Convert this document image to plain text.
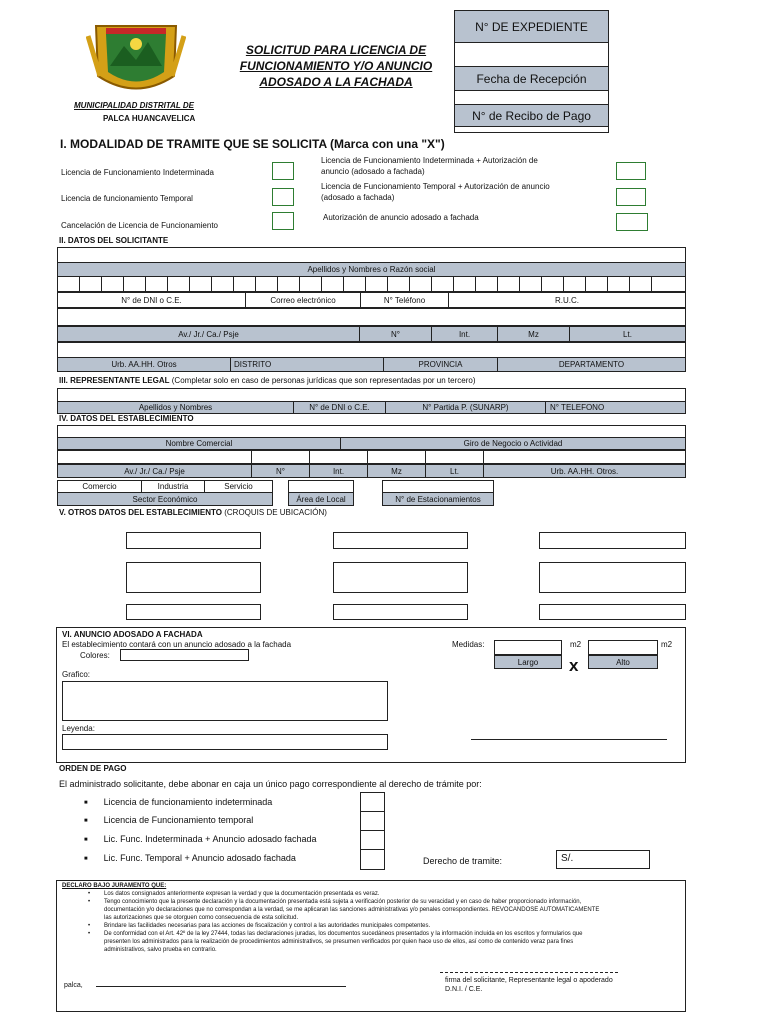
MUNICIPALIDAD DISTRITAL DE
PALCA HUANCAVELICA
SOLICITUD PARA LICENCIA DE
FUNCIONAMIENTO Y/O ANUNCIO
ADOSADO A LA FACHADA
N° DE EXPEDIENTE
Fecha de Recepción
N° de Recibo de Pago
I. MODALIDAD DE TRAMITE QUE SE SOLICITA (Marca con una "X")
Licencia de Funcionamiento Indeterminada
Licencia de funcionamiento Temporal
Cancelación de Licencia de Funcionamiento
Licencia de Funcionamiento Indeterminada + Autorización de
anuncio (adosado a fachada)
Licencia de Funcionamiento Temporal + Autorización de anuncio
(adosado a fachada)
Autorización de anuncio adosado a fachada
II. DATOS DEL SOLICITANTE
Apellidos y Nombres o Razón social
N° de DNI o C.E.	Correo electrónico	N° Teléfono	R.U.C.
Av./ Jr./ Ca./ Psje	N°	Int.	Mz	Lt.
Urb. AA.HH. Otros	DISTRITO	PROVINCIA	DEPARTAMENTO
III. REPRESENTANTE LEGAL (Completar solo en caso de personas jurídicas que son representadas por un tercero)
Apellidos y Nombres	N° de DNI o C.E.	N° Partida P. (SUNARP)	N° TELEFONO
IV. DATOS DEL ESTABLECIMIENTO
Nombre Comercial	Giro de Negocio o Actividad
Av./ Jr./ Ca./ Psje	N°	Int.	Mz	Lt.	Urb. AA.HH. Otros.
Comercio	Industria	Servicio
Sector Económico	Área de Local	N° de Estacionamientos
V. OTROS DATOS DEL ESTABLECIMIENTO (CROQUIS DE UBICACIÓN)
VI. ANUNCIO ADOSADO A FACHADA
El establecimiento contará con un anuncio adosado a la fachada
Colores:
Grafico:
Leyenda:
Medidas:	m2	m2
Largo	Alto
x
ORDEN DE PAGO
El administrado solicitante, debe abonar en caja un único pago correspondiente al derecho de trámite por:
■ Licencia de funcionamiento indeterminada
■ Licencia de Funcionamiento temporal
■ Lic. Func. Indeterminada + Anuncio adosado fachada
■ Lic. Func. Temporal + Anuncio adosado fachada	Derecho de tramite:	S/.
DECLARO BAJO JURAMENTO QUE:
•	Los datos consignados anteriormente expresan la verdad y que la documentación presentada es veraz.
•	Tengo conocimiento que la presente declaración y la documentación presentada está sujeta a verificación posterior de su veracidad y en caso de haber proporcionado información,
documentación y/o declaraciones que no correspondan a la verdad, se me aplicaran las sanciones administrativas y/o penales correspondientes. REVOCANDOSE AUTOMATICAMENTE
las autorizaciones que se otorguen como consecuencia de esta solicitud.
•	Brindare las facilidades necesarias para las acciones de fiscalización y control a las autoridades municipales competentes.
•	De conformidad con el Art. 42º de la ley 27444, todas las declaraciones juradas, los documentos sucedáneos presentados y la información incluida en los escritos y formularios que
presenten los administrados para la realización de procedimientos administrativos, se presumen verificados por quien hace uso de ellos, así como de contenido veraz para fines
administrativos, salvo prueba en contrario.
palca,
firma del solicitante, Representante legal o apoderado
D.N.I. / C.E.
